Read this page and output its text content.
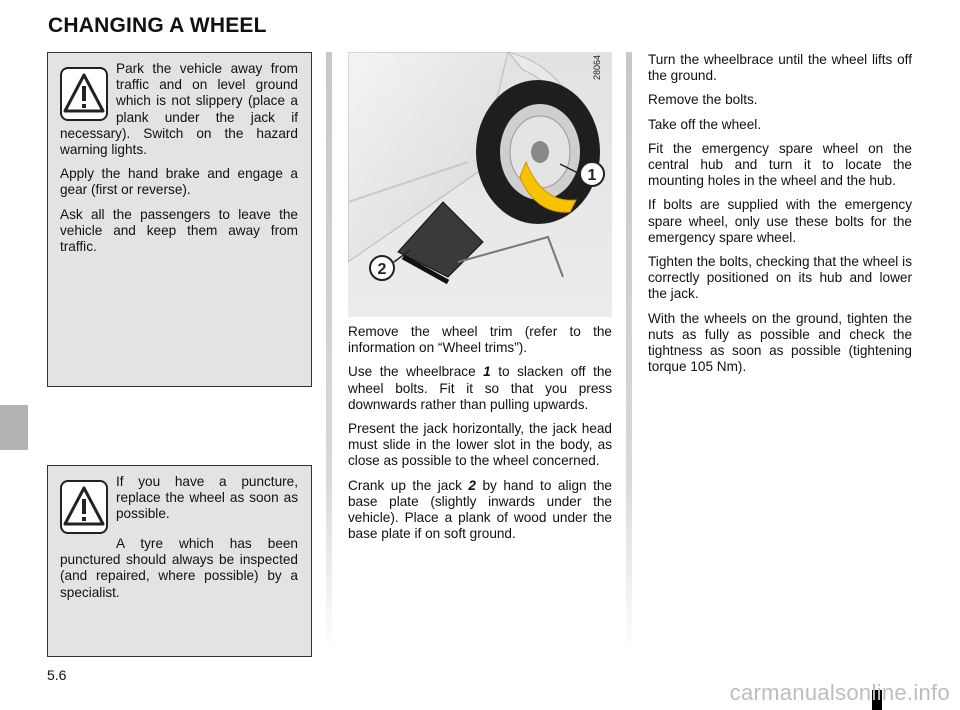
CHANGING A WHEEL

Park the vehicle away from traffic and on level ground which is not slippery (place a plank under the jack if necessary). Switch on the hazard warning lights.

Apply the hand brake and engage a gear (first or reverse).

Ask all the passengers to leave the vehicle and keep them away from traffic.

If you have a puncture, replace the wheel as soon as possible.

A tyre which has been punctured should always be inspected (and repaired, where possible) by a specialist.

1
2
28064

Remove the wheel trim (refer to the information on “Wheel trims”).

Use the wheelbrace 1 to slacken off the wheel bolts. Fit it so that you press downwards rather than pulling upwards.

Present the jack horizontally, the jack head must slide in the lower slot in the body, as close as possible to the wheel concerned.

Crank up the jack 2 by hand to align the base plate (slightly inwards under the vehicle). Place a plank of wood under the base plate if on soft ground.

Turn the wheelbrace until the wheel lifts off the ground.

Remove the bolts.

Take off the wheel.

Fit the emergency spare wheel on the central hub and turn it to locate the mounting holes in the wheel and the hub.

If bolts are supplied with the emergency spare wheel, only use these bolts for the emergency spare wheel.

Tighten the bolts, checking that the wheel is correctly positioned on its hub and lower the jack.

With the wheels on the ground, tighten the nuts as fully as possible and check the tightness as soon as possible (tightening torque 105 Nm).

5.6
carmanualsonline.info
